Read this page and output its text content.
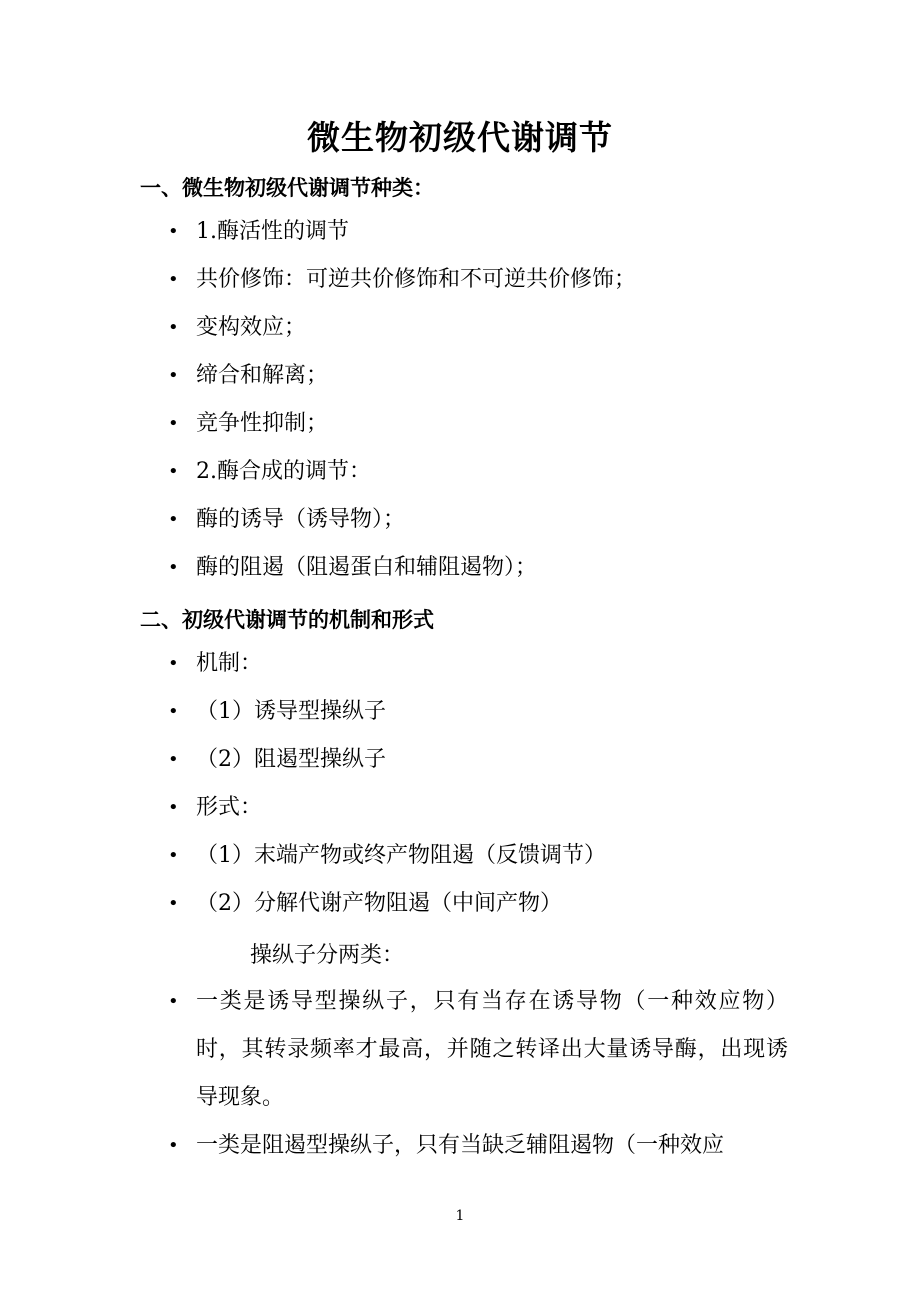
微生物初级代谢调节
一、微生物初级代谢调节种类：
• 1.酶活性的调节
• 共价修饰：可逆共价修饰和不可逆共价修饰；
• 变构效应；
• 缔合和解离；
• 竞争性抑制；
• 2.酶合成的调节：
• 酶的诱导（诱导物）；
• 酶的阻遏（阻遏蛋白和辅阻遏物）；
二、初级代谢调节的机制和形式
• 机制：
• （1）诱导型操纵子
• （2）阻遏型操纵子
• 形式：
• （1）末端产物或终产物阻遏（反馈调节）
• （2）分解代谢产物阻遏（中间产物）

操纵子分两类：

• 一类是诱导型操纵子，只有当存在诱导物（一种效应物）时，其转录频率才最高，并随之转译出大量诱导酶，出现诱导现象。
• 一类是阻遏型操纵子，只有当缺乏辅阻遏物（一种效应

1
